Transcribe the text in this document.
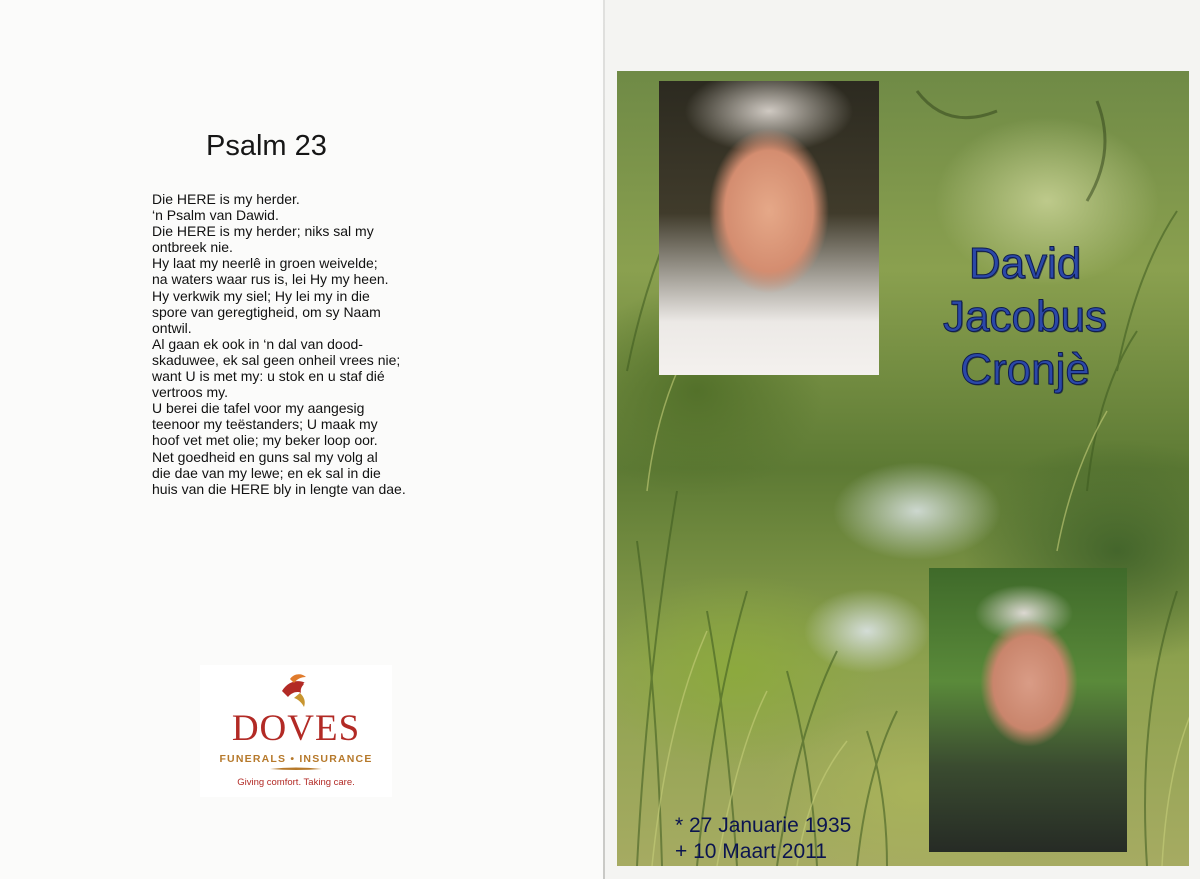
Psalm 23
Die HERE is my herder.
‘n Psalm van Dawid.
Die HERE is my herder; niks sal my
ontbreek nie.
Hy laat my neerlê in groen weivelde;
na waters waar rus is, lei Hy my heen.
Hy verkwik my siel; Hy lei my in die
spore van geregtigheid, om sy Naam
ontwil.
Al gaan ek ook in ‘n dal van dood-
skaduwee, ek sal geen onheil vrees nie;
want U is met my: u stok en u staf dié
vertroos my.
U berei die tafel voor my aangesig
teenoor my teëstanders; U maak my
hoof vet met olie; my beker loop oor.
Net goedheid en guns sal my volg al
die dae van my lewe; en ek sal in die
huis van die HERE bly in lengte van dae.
DOVES
FUNERALS • INSURANCE
Giving comfort. Taking care.
David
Jacobus
Cronjè
* 27 Januarie 1935
+ 10 Maart 2011
